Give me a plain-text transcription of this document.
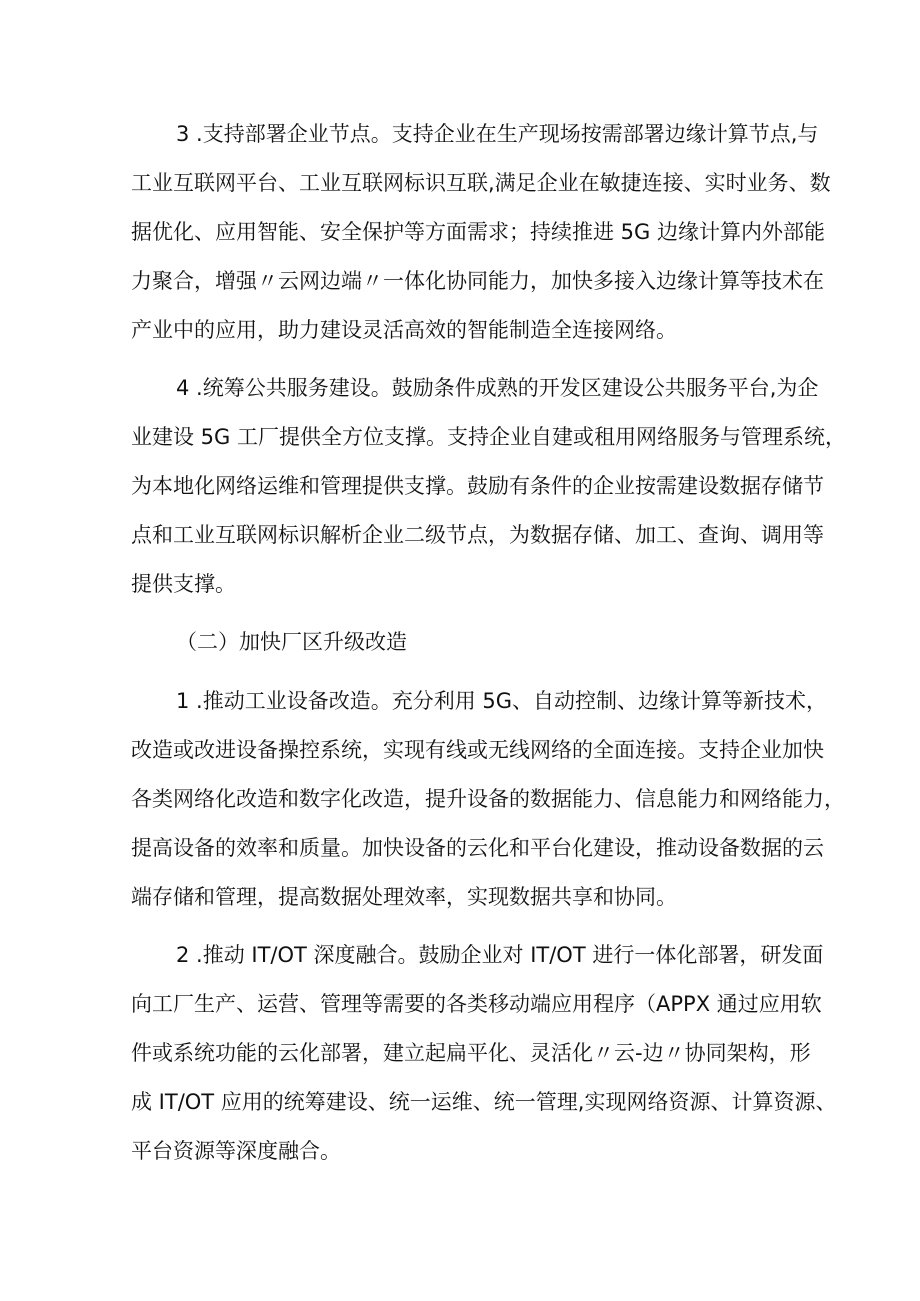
3 .支持部署企业节点。支持企业在生产现场按需部署边缘计算节点,与
工业互联网平台、工业互联网标识互联,满足企业在敏捷连接、实时业务、数
据优化、应用智能、安全保护等方面需求；持续推进 5G 边缘计算内外部能
力聚合，增强〃云网边端〃一体化协同能力，加快多接入边缘计算等技术在
产业中的应用，助力建设灵活高效的智能制造全连接网络。
4 .统筹公共服务建设。鼓励条件成熟的开发区建设公共服务平台,为企
业建设 5G 工厂提供全方位支撑。支持企业自建或租用网络服务与管理系统，
为本地化网络运维和管理提供支撑。鼓励有条件的企业按需建设数据存储节
点和工业互联网标识解析企业二级节点，为数据存储、加工、查询、调用等
提供支撑。
（二）加快厂区升级改造
1 .推动工业设备改造。充分利用 5G、自动控制、边缘计算等新技术，
改造或改进设备操控系统，实现有线或无线网络的全面连接。支持企业加快
各类网络化改造和数字化改造，提升设备的数据能力、信息能力和网络能力，
提高设备的效率和质量。加快设备的云化和平台化建设，推动设备数据的云
端存储和管理，提高数据处理效率，实现数据共享和协同。
2 .推动 IT/OT 深度融合。鼓励企业对 IT/OT 进行一体化部署，研发面
向工厂生产、运营、管理等需要的各类移动端应用程序（APPX 通过应用软
件或系统功能的云化部署，建立起扁平化、灵活化〃云-边〃协同架构，形
成 IT/OT 应用的统筹建设、统一运维、统一管理,实现网络资源、计算资源、
平台资源等深度融合。
